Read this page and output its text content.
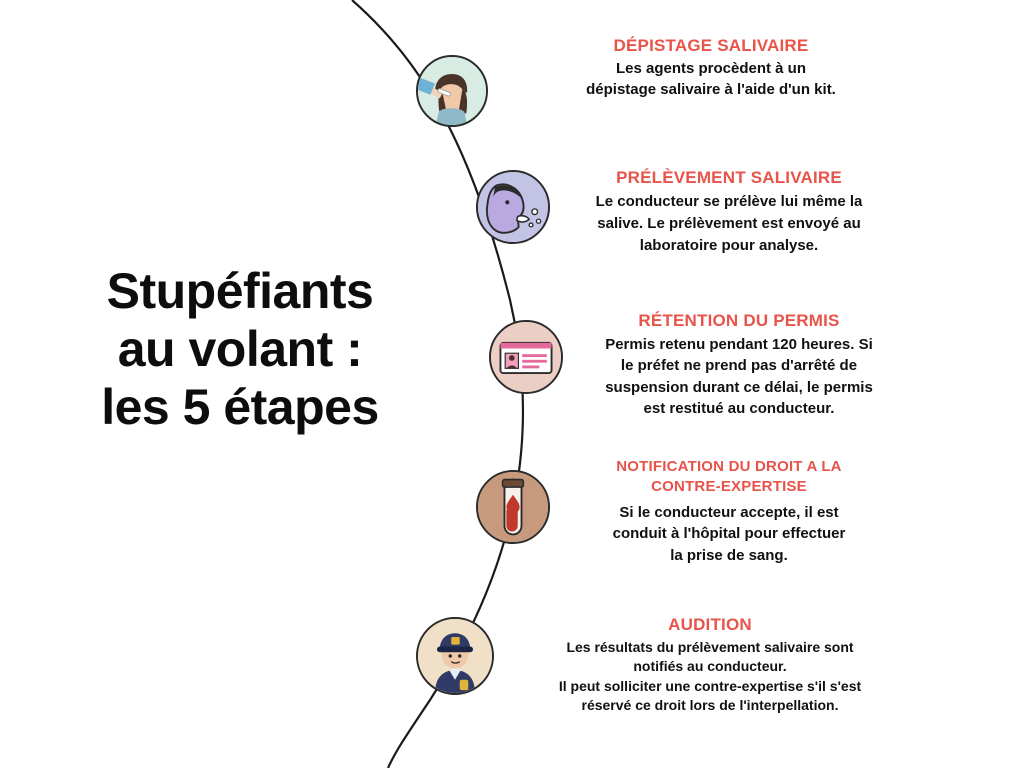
Stupéfiants
au volant :
les 5 étapes

DÉPISTAGE SALIVAIRE

Les agents procèdent à un
dépistage salivaire à l'aide d'un kit.

PRÉLÈVEMENT SALIVAIRE

Le conducteur se prélève lui même la
salive. Le prélèvement est envoyé au
laboratoire pour analyse.

RÉTENTION DU PERMIS

Permis retenu pendant 120 heures. Si
le préfet ne prend pas d'arrêté de
suspension durant ce délai, le permis
est restitué au conducteur.

NOTIFICATION DU DROIT A LA
CONTRE-EXPERTISE

Si le conducteur accepte, il est
conduit à l'hôpital pour effectuer
la prise de sang.

AUDITION

Les résultats du prélèvement salivaire sont
notifiés au conducteur.
Il peut solliciter une contre-expertise s'il s'est
réservé ce droit lors de l'interpellation.
